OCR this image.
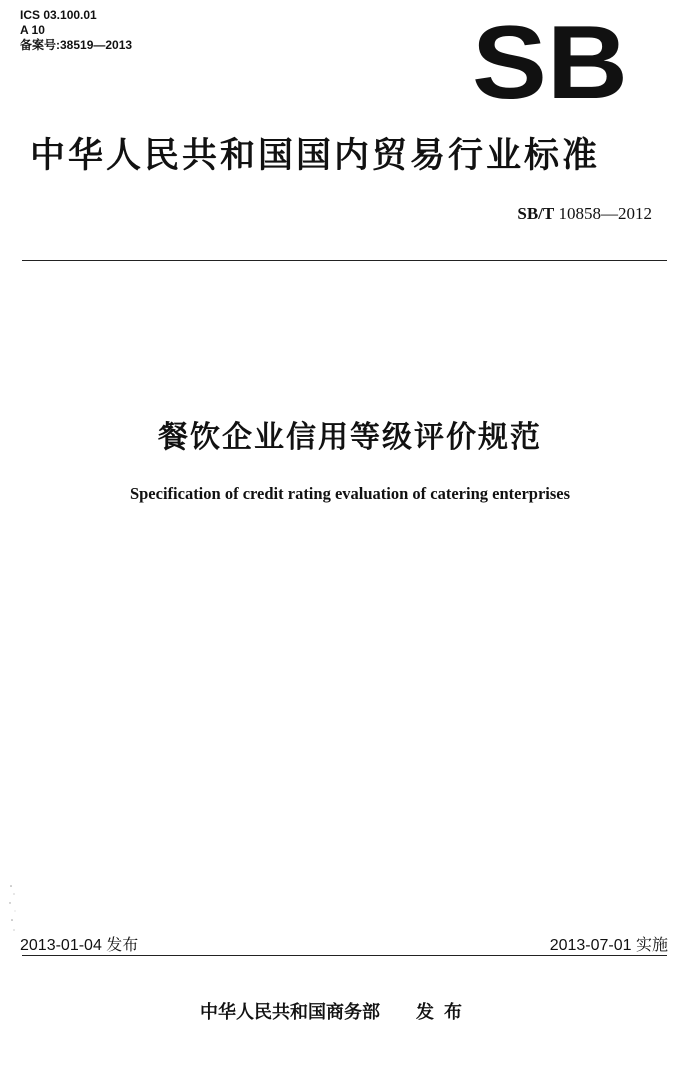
ICS 03.100.01
A 10
备案号:38519—2013	SB
中华人民共和国国内贸易行业标准
SB/T 10858—2012
餐饮企业信用等级评价规范
Specification of credit rating evaluation of catering enterprises
2013-01-04 发布	2013-07-01 实施
中华人民共和国商务部 发布
